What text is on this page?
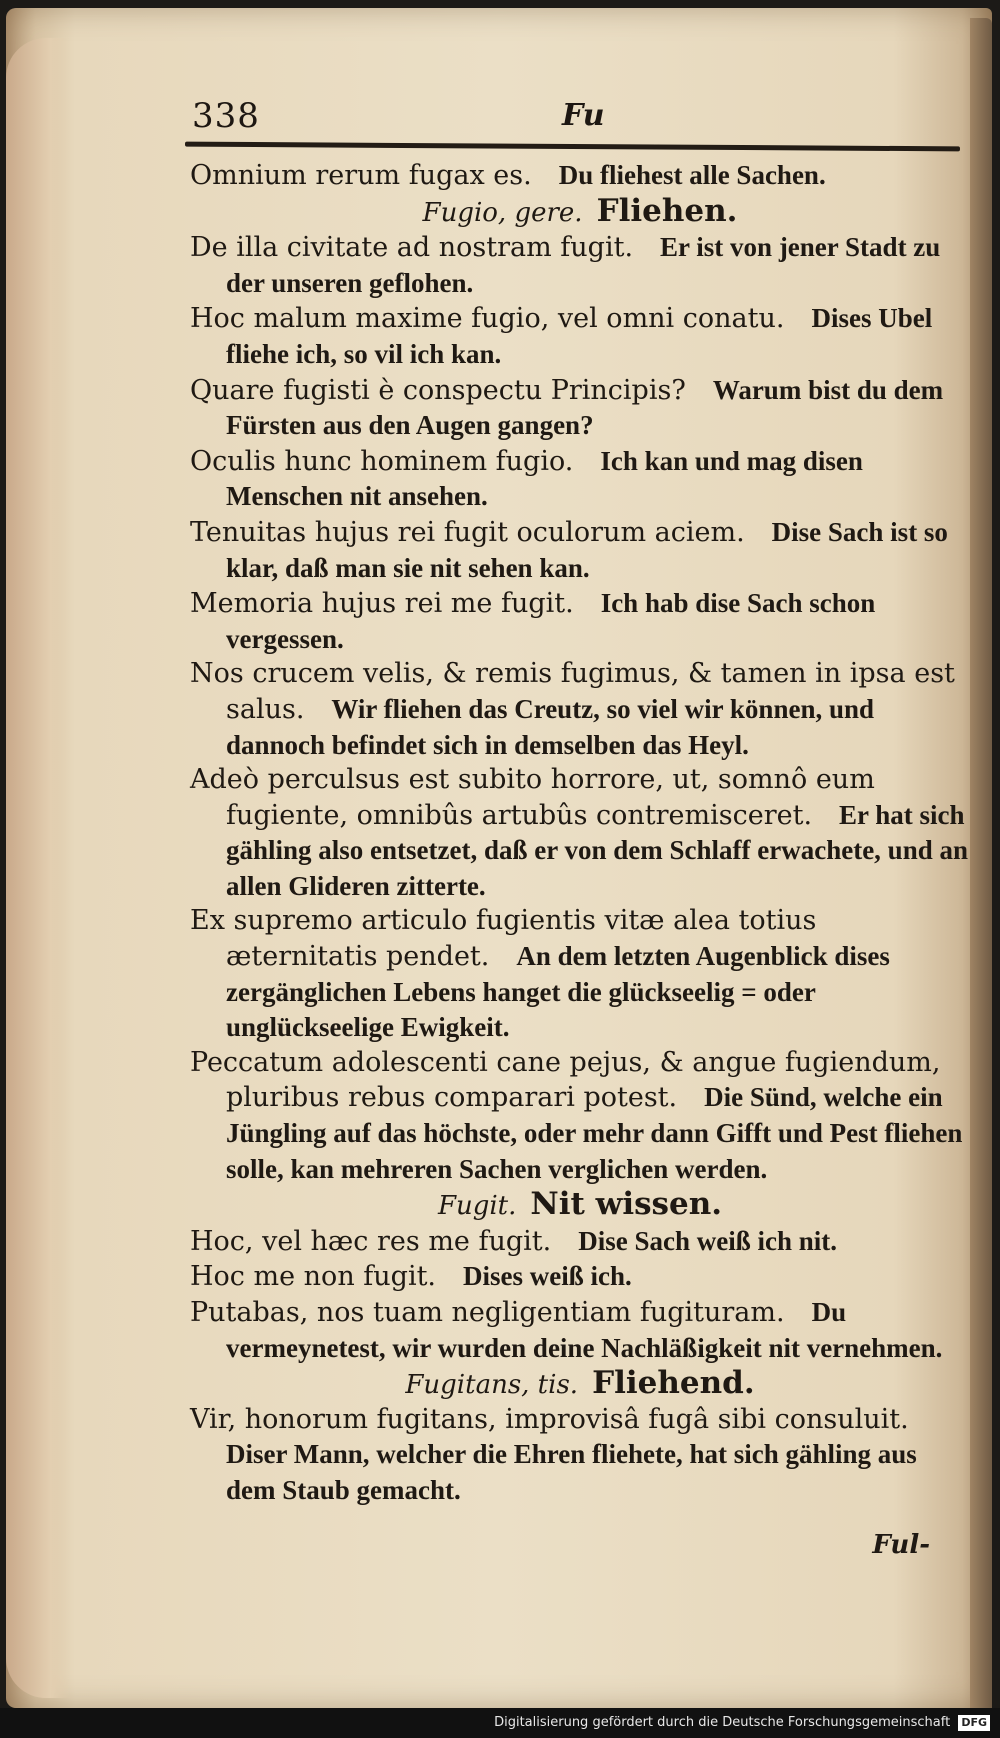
338	Fu

Omnium rerum fugax es.  Du fliehest alle Sachen.

Fugio, gere. Fliehen.

De illa civitate ad nostram fugit.  Er ist von jener Stadt zu der unseren geflohen.

Hoc malum maxime fugio, vel omni conatu.  Dises Ubel fliehe ich, so vil ich kan.

Quare fugisti è conspectu Principis?  Warum bist du dem Fürsten aus den Augen gangen?

Oculis hunc hominem fugio.  Ich kan und mag disen Menschen nit ansehen.

Tenuitas hujus rei fugit oculorum aciem.  Dise Sach ist so klar, daß man sie nit sehen kan.

Memoria hujus rei me fugit.  Ich hab dise Sach schon vergessen.

Nos crucem velis, & remis fugimus, & tamen in ipsa est salus.  Wir fliehen das Creutz, so viel wir können, und dannoch befindet sich in demselben das Heyl.

Adeò perculsus est subito horrore, ut, somnô eum fugiente, omnibûs artubûs contremisceret.  Er hat sich gähling also entsetzet, daß er von dem Schlaff erwachete, und an allen Glideren zitterte.

Ex supremo articulo fugientis vitæ alea totius æternitatis pendet.  An dem letzten Augenblick dises zergänglichen Lebens hanget die glückseelig = oder unglückseelige Ewigkeit.

Peccatum adolescenti cane pejus, & angue fugiendum, pluribus rebus comparari potest.  Die Sünd, welche ein Jüngling auf das höchste, oder mehr dann Gifft und Pest fliehen solle, kan mehreren Sachen verglichen werden.

Fugit. Nit wissen.

Hoc, vel hæc res me fugit.  Dise Sach weiß ich nit.

Hoc me non fugit.  Dises weiß ich.

Putabas, nos tuam negligentiam fugituram.  Du vermeynetest, wir wurden deine Nachläßigkeit nit vernehmen.

Fugitans, tis. Fliehend.

Vir, honorum fugitans, improvisâ fugâ sibi consuluit. Diser Mann, welcher die Ehren fliehete, hat sich gähling aus dem Staub gemacht.

Ful-
Digitalisierung gefördert durch die Deutsche Forschungsgemeinschaft DFG
